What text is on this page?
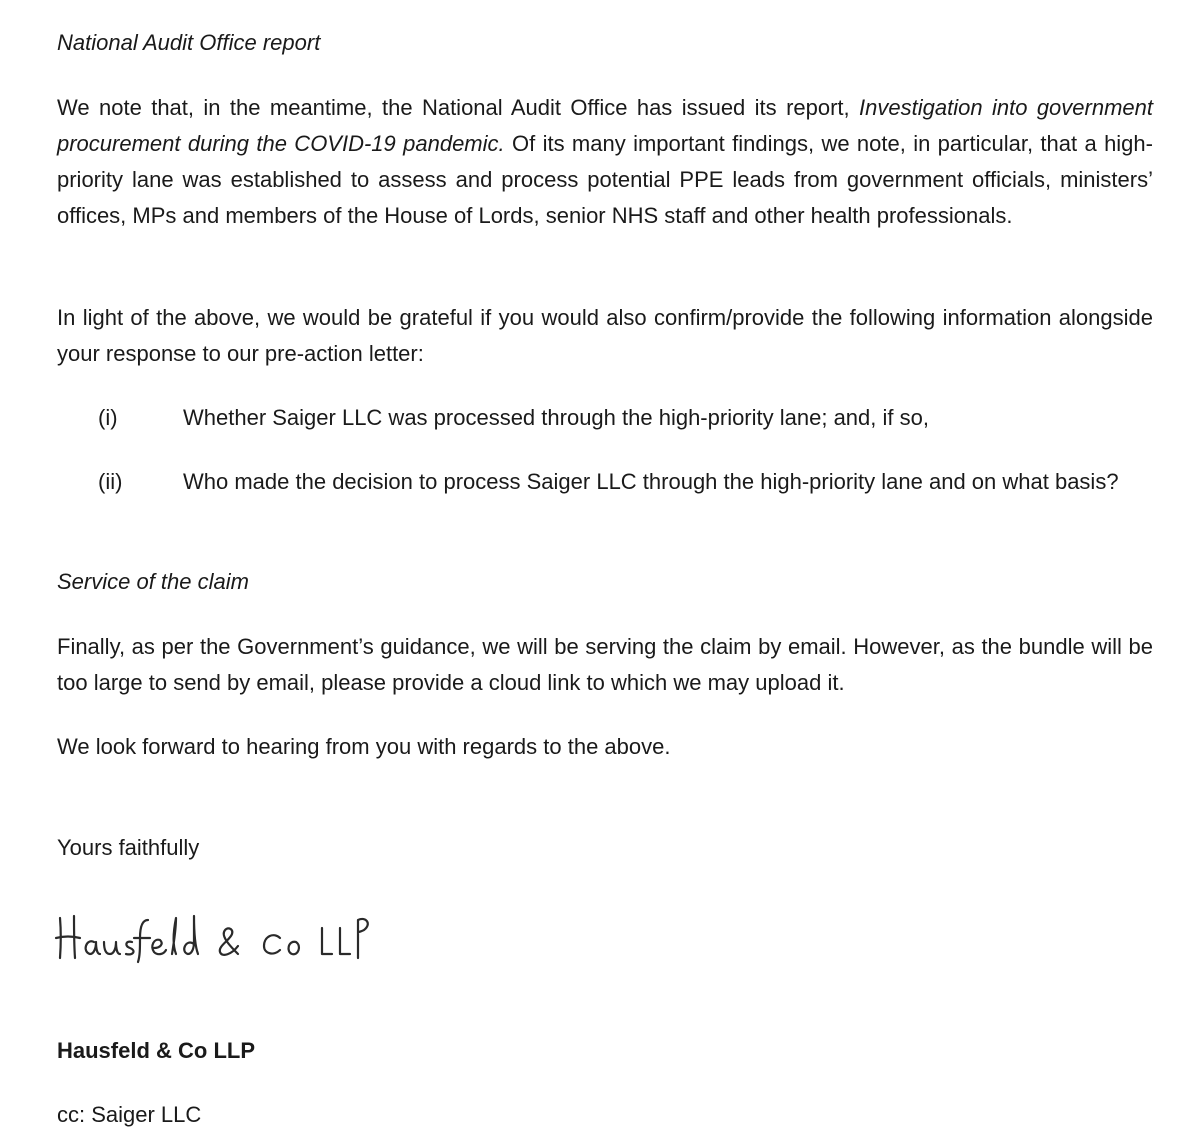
National Audit Office report

We note that, in the meantime, the National Audit Office has issued its report, Investigation into government procurement during the COVID-19 pandemic. Of its many important findings, we note, in particular, that a high-priority lane was established to assess and process potential PPE leads from government officials, ministers’ offices, MPs and members of the House of Lords, senior NHS staff and other health professionals.

In light of the above, we would be grateful if you would also confirm/provide the following information alongside your response to our pre-action letter:

(i)	Whether Saiger LLC was processed through the high-priority lane; and, if so,

(ii)	Who made the decision to process Saiger LLC through the high-priority lane and on what basis?

Service of the claim

Finally, as per the Government’s guidance, we will be serving the claim by email. However, as the bundle will be too large to send by email, please provide a cloud link to which we may upload it.

We look forward to hearing from you with regards to the above.

Yours faithfully

Hausfeld & Co LLP

cc: Saiger LLC
